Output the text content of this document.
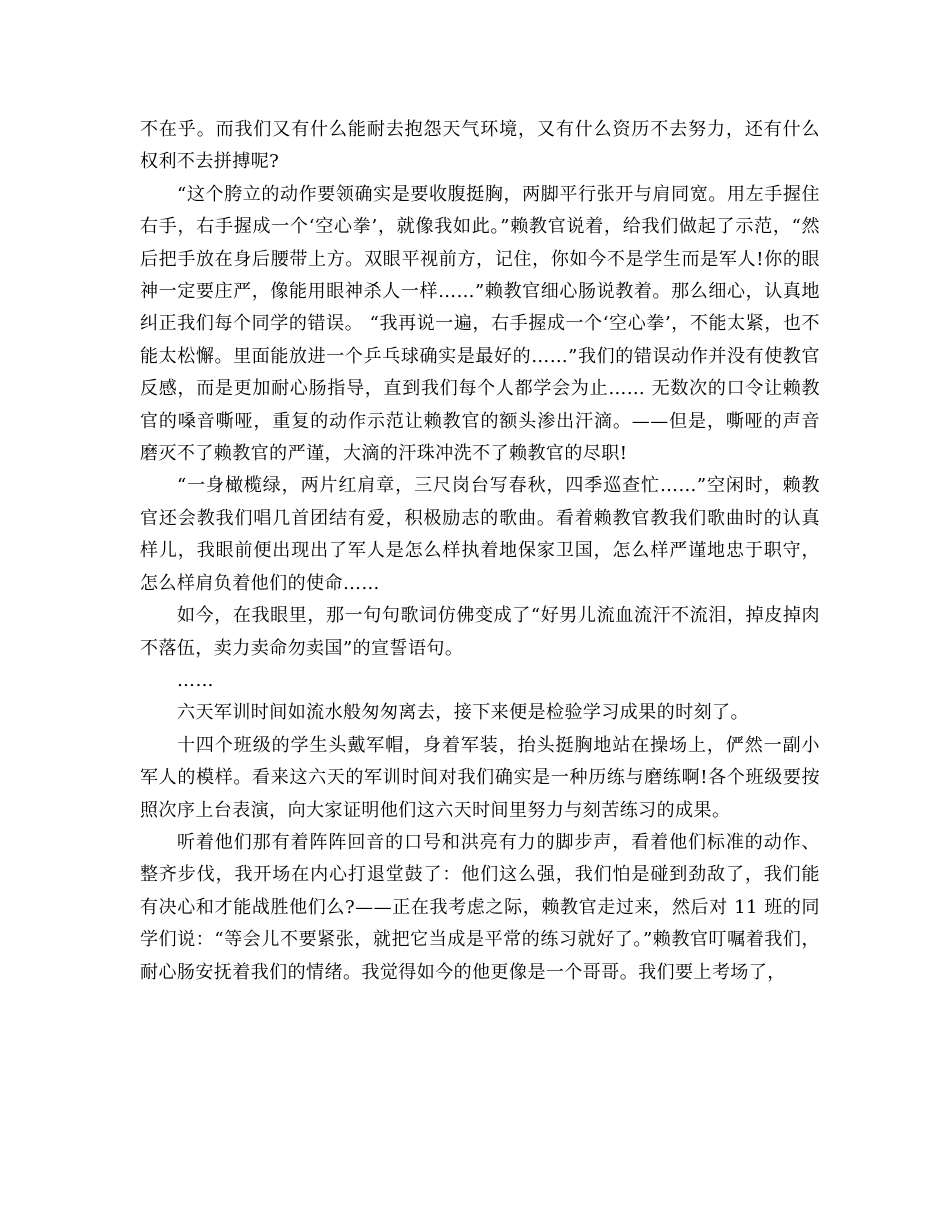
不在乎。而我们又有什么能耐去抱怨天气环境，又有什么资历不去努力，还有什么权利不去拼搏呢?

“这个胯立的动作要领确实是要收腹挺胸，两脚平行张开与肩同宽。用左手握住右手，右手握成一个‘空心拳’，就像我如此。”赖教官说着，给我们做起了示范，“然后把手放在身后腰带上方。双眼平视前方，记住，你如今不是学生而是军人!你的眼神一定要庄严，像能用眼神杀人一样……”赖教官细心肠说教着。那么细心，认真地纠正我们每个同学的错误。 “我再说一遍，右手握成一个‘空心拳’，不能太紧，也不能太松懈。里面能放进一个乒乓球确实是最好的……”我们的错误动作并没有使教官反感，而是更加耐心肠指导，直到我们每个人都学会为止…… 无数次的口令让赖教官的嗓音嘶哑，重复的动作示范让赖教官的额头渗出汗滴。——但是，嘶哑的声音磨灭不了赖教官的严谨，大滴的汗珠冲洗不了赖教官的尽职!

“一身橄榄绿，两片红肩章，三尺岗台写春秋，四季巡查忙……”空闲时，赖教官还会教我们唱几首团结有爱，积极励志的歌曲。看着赖教官教我们歌曲时的认真样儿，我眼前便出现出了军人是怎么样执着地保家卫国，怎么样严谨地忠于职守，怎么样肩负着他们的使命……

如今，在我眼里，那一句句歌词仿佛变成了“好男儿流血流汗不流泪，掉皮掉肉不落伍，卖力卖命勿卖国”的宣誓语句。

……

六天军训时间如流水般匆匆离去，接下来便是检验学习成果的时刻了。

十四个班级的学生头戴军帽，身着军装，抬头挺胸地站在操场上，俨然一副小军人的模样。看来这六天的军训时间对我们确实是一种历练与磨练啊!各个班级要按照次序上台表演，向大家证明他们这六天时间里努力与刻苦练习的成果。

听着他们那有着阵阵回音的口号和洪亮有力的脚步声，看着他们标准的动作、整齐步伐，我开场在内心打退堂鼓了：他们这么强，我们怕是碰到劲敌了，我们能有决心和才能战胜他们么?——正在我考虑之际，赖教官走过来，然后对 11 班的同学们说：“等会儿不要紧张，就把它当成是平常的练习就好了。”赖教官叮嘱着我们，耐心肠安抚着我们的情绪。我觉得如今的他更像是一个哥哥。我们要上考场了，
